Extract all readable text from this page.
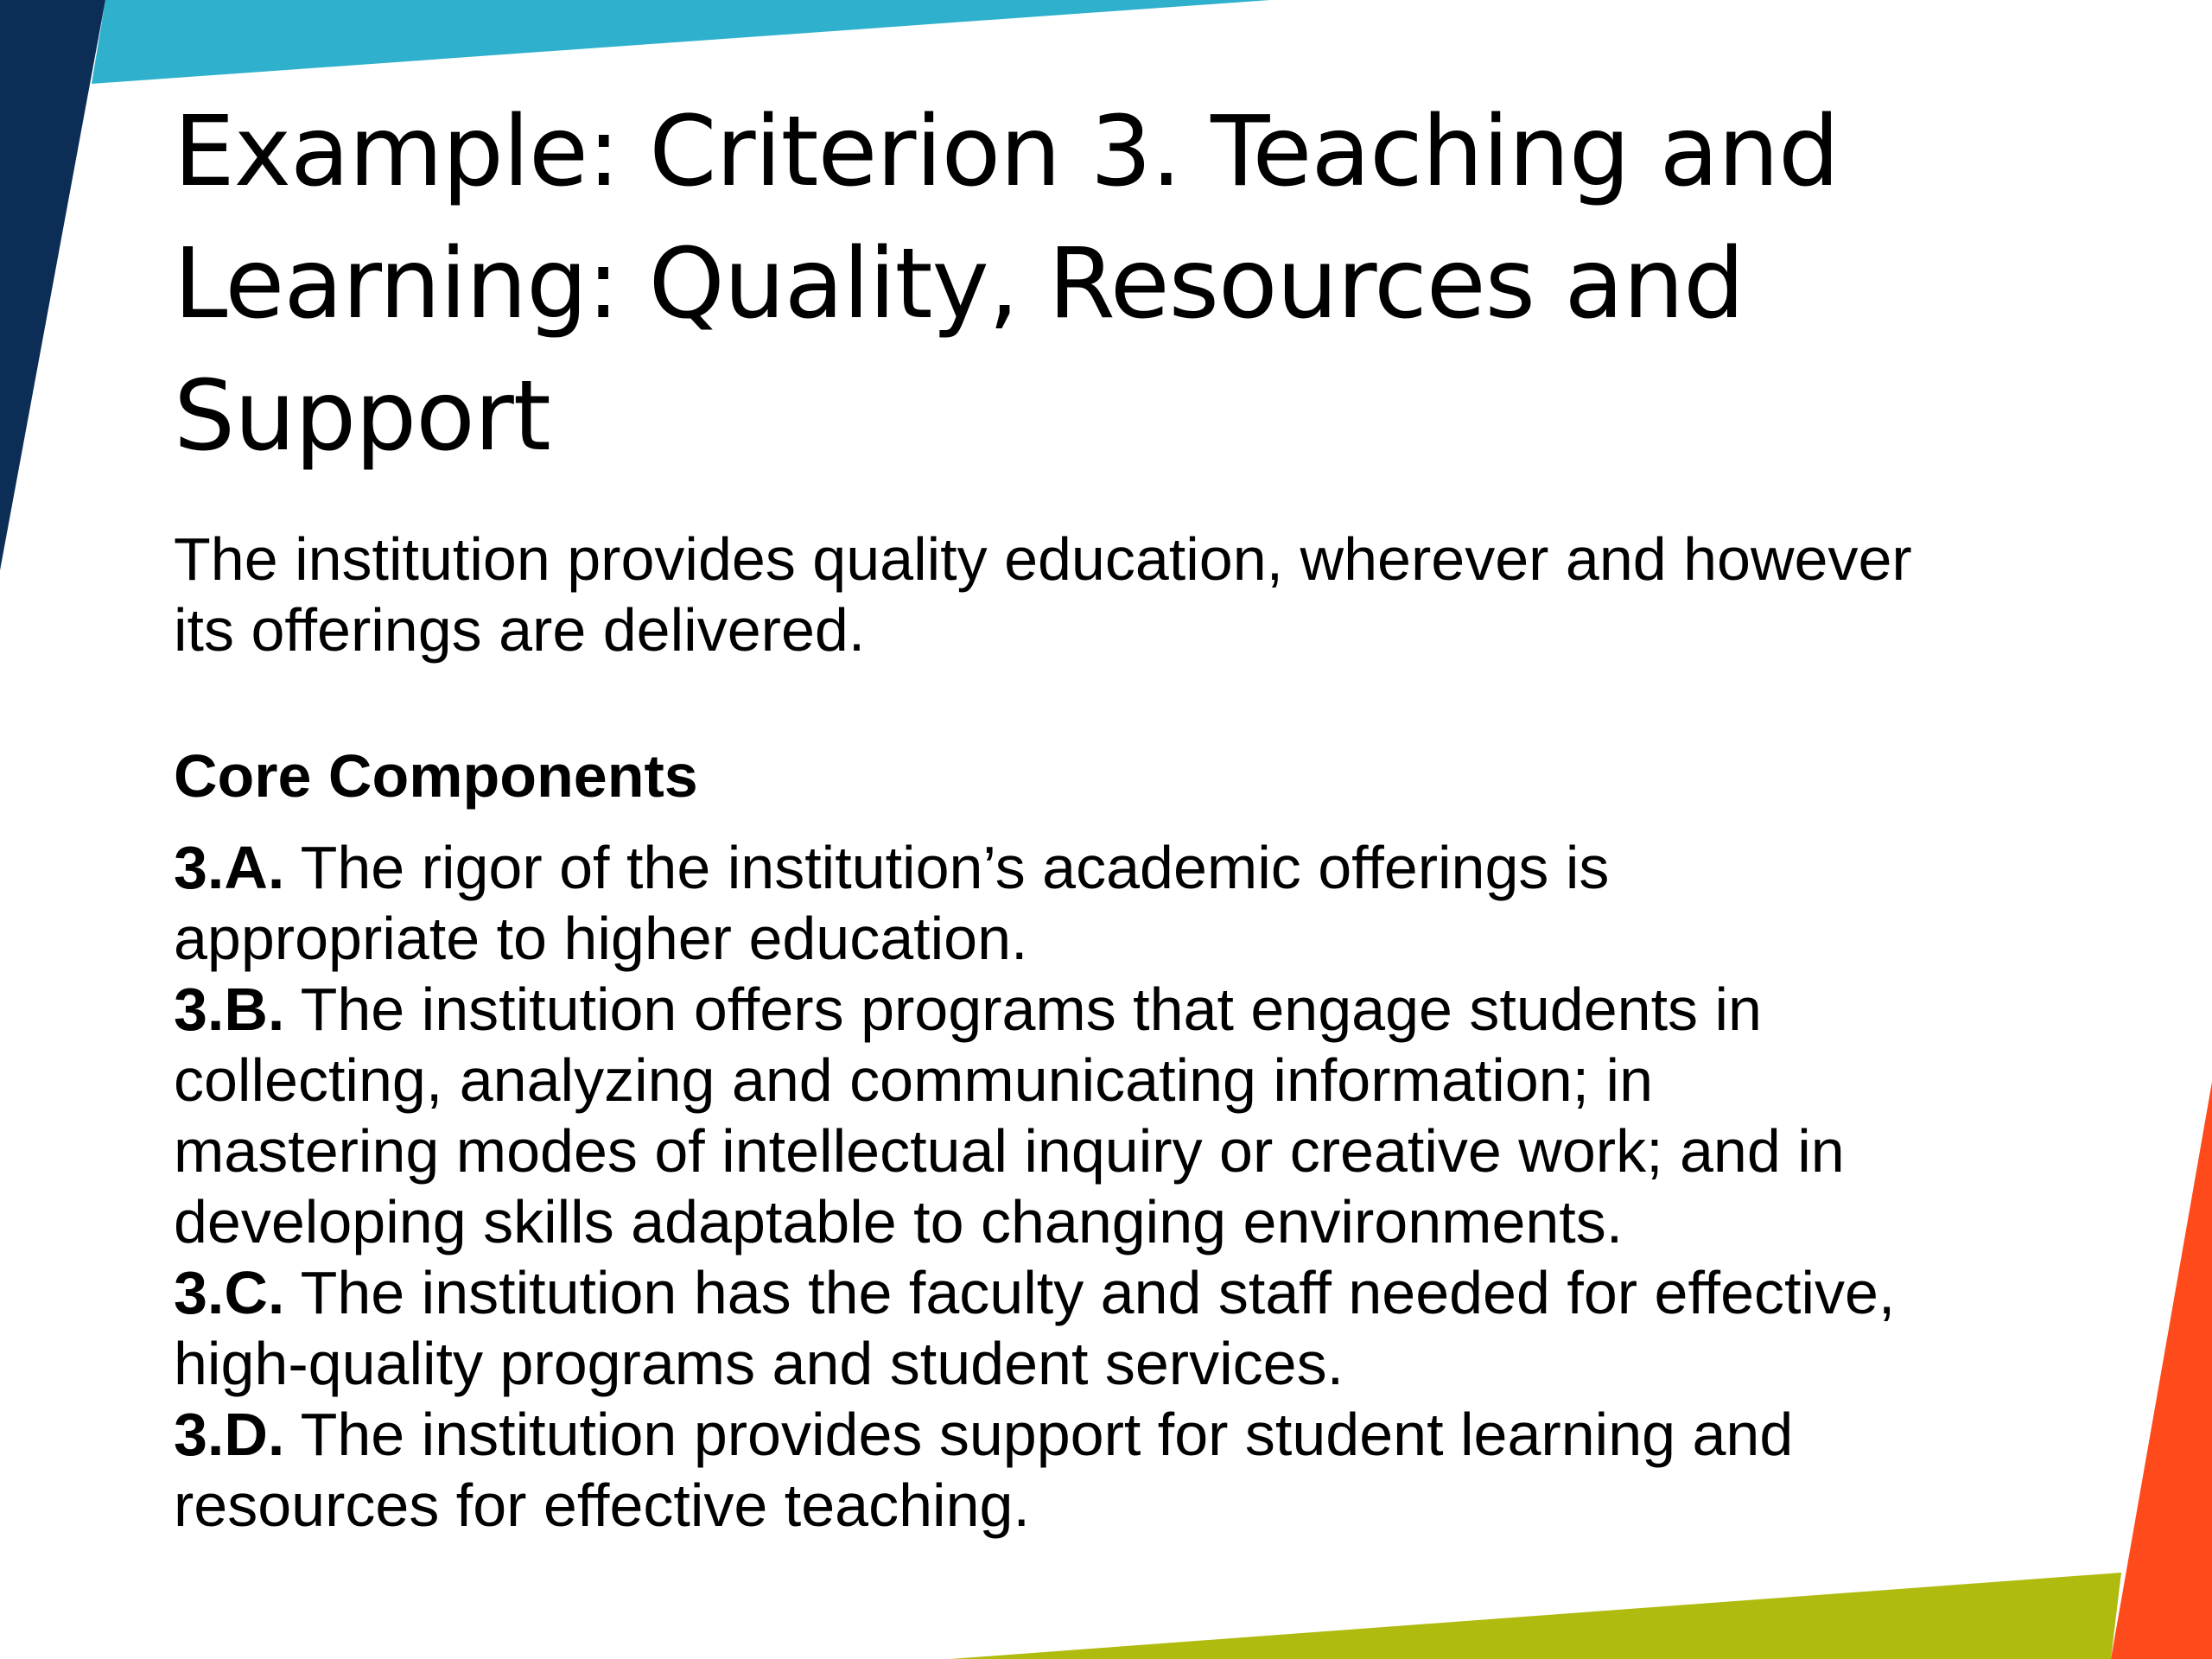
Example: Criterion 3. Teaching and
Learning: Quality, Resources and
Support
The institution provides quality education, wherever and however
its offerings are delivered.
Core Components
3.A. The rigor of the institution’s academic offerings is
appropriate to higher education.
3.B. The institution offers programs that engage students in
collecting, analyzing and communicating information; in
mastering modes of intellectual inquiry or creative work; and in
developing skills adaptable to changing environments.
3.C. The institution has the faculty and staff needed for effective,
high-quality programs and student services.
3.D. The institution provides support for student learning and
resources for effective teaching.
